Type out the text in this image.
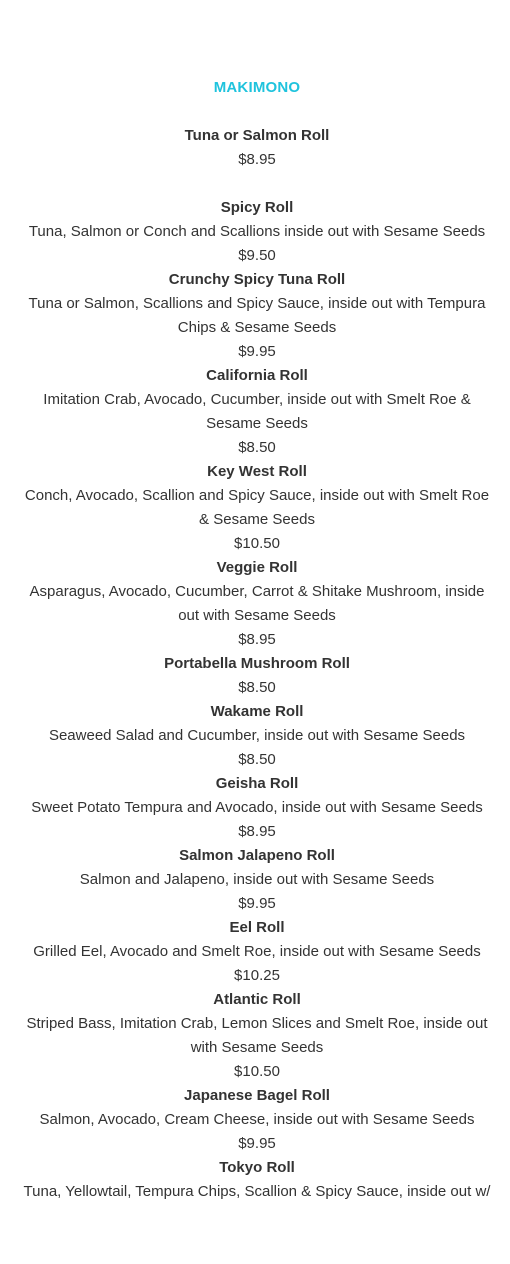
MAKIMONO
Tuna or Salmon Roll
$8.95
Spicy Roll
Tuna, Salmon or Conch and Scallions inside out with Sesame Seeds
$9.50
Crunchy Spicy Tuna Roll
Tuna or Salmon, Scallions and Spicy Sauce, inside out with Tempura Chips & Sesame Seeds
$9.95
California Roll
Imitation Crab, Avocado, Cucumber, inside out with Smelt Roe & Sesame Seeds
$8.50
Key West Roll
Conch, Avocado, Scallion and Spicy Sauce, inside out with Smelt Roe & Sesame Seeds
$10.50
Veggie Roll
Asparagus, Avocado, Cucumber, Carrot & Shitake Mushroom, inside out with Sesame Seeds
$8.95
Portabella Mushroom Roll
$8.50
Wakame Roll
Seaweed Salad and Cucumber, inside out with Sesame Seeds
$8.50
Geisha Roll
Sweet Potato Tempura and Avocado, inside out with Sesame Seeds
$8.95
Salmon Jalapeno Roll
Salmon and Jalapeno, inside out with Sesame Seeds
$9.95
Eel Roll
Grilled Eel, Avocado and Smelt Roe, inside out with Sesame Seeds
$10.25
Atlantic Roll
Striped Bass, Imitation Crab, Lemon Slices and Smelt Roe, inside out with Sesame Seeds
$10.50
Japanese Bagel Roll
Salmon, Avocado, Cream Cheese, inside out with Sesame Seeds
$9.95
Tokyo Roll
Tuna, Yellowtail, Tempura Chips, Scallion & Spicy Sauce, inside out w/
